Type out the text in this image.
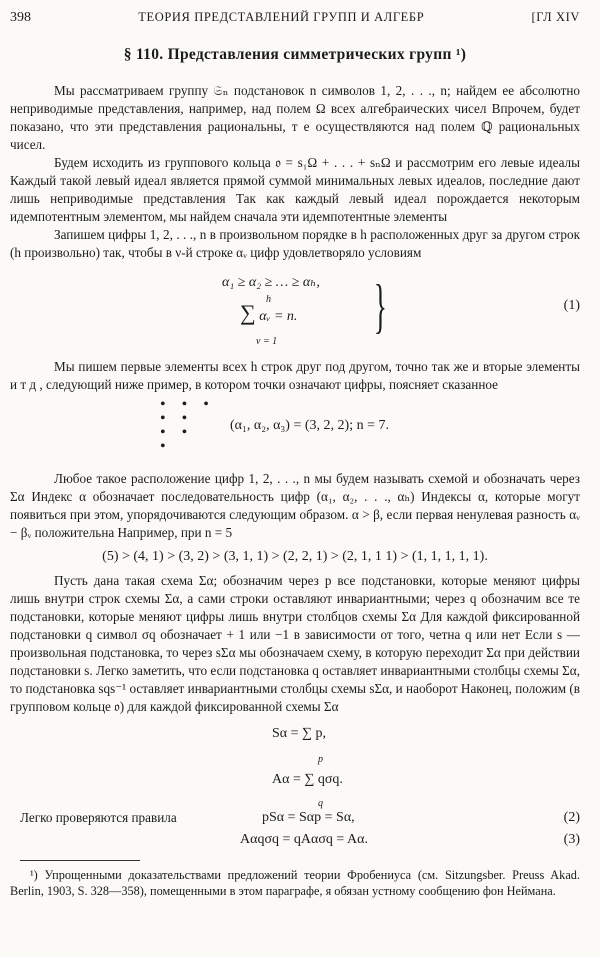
398	ТЕОРИЯ ПРЕДСТАВЛЕНИЙ ГРУПП И АЛГЕБР	[ГЛ XIV
§ 110. Представления симметрических групп ¹)

Мы рассматриваем группу 𝔖ₙ подстановок n символов 1, 2, . . ., n; найдем ее абсолютно неприводимые представления, например, над полем Ω всех алгебраических чисел Впрочем, будет показано, что эти представления рациональны, т е осуществляются над полем ℚ рациональных чисел.

Будем исходить из группового кольца 𝔬 = s₁Ω + . . . + sₙΩ и рассмотрим его левые идеалы Каждый такой левый идеал является прямой суммой минимальных левых идеалов, последние дают лишь неприводимые представления Так как каждый левый идеал порождается некоторым идемпотентным элементом, мы найдем сначала эти идемпотентные элементы

Запишем цифры 1, 2, . . ., n в произвольном порядке в h расположенных друг за другом строк (h произвольно) так, чтобы в ν-й строке αᵥ цифр удовлетворяло условиям

α₁ ≥ α₂ ≥ … ≥ αₕ,
h
∑ αᵥ = n.
ν = 1
}	(1)

Мы пишем первые элементы всех h строк друг под другом, точно так же и вторые элементы и т д , следующий ниже пример, в котором точки означают цифры, поясняет сказанное

• • •
• •
• •
•
(α₁, α₂, α₃) = (3, 2, 2); n = 7.

Любое такое расположение цифр 1, 2, . . ., n мы будем называть схемой и обозначать через Σα Индекс α обозначает последовательность цифр (α₁, α₂, . . ., αₕ) Индексы α, которые могут появиться при этом, упорядочиваются следующим образом. α > β, если первая ненулевая разность αᵥ − βᵥ положительна Например, при n = 5

(5) > (4, 1) > (3, 2) > (3, 1, 1) > (2, 2, 1) > (2, 1, 1 1) > (1, 1, 1, 1, 1).

Пусть дана такая схема Σα; обозначим через p все подстановки, которые меняют цифры лишь внутри строк схемы Σα, а сами строки оставляют инвариантными; через q обозначим все те подстановки, которые меняют цифры лишь внутри столбцов схемы Σα Для каждой фиксированной подстановки q символ σq обозначает + 1 или −1 в зависимости от того, четна q или нет Если s — произвольная подстановка, то через sΣα мы обозначаем схему, в которую переходит Σα при действии подстановки s. Легко заметить, что если подстановка q оставляет инвариантными столбцы схемы Σα, то подстановка sqs⁻¹ оставляет инвариантными столбцы схемы sΣα, и наоборот Наконец, положим (в групповом кольце 𝔬) для каждой фиксированной схемы Σα

Sα = ∑ p,
p
Aα = ∑ qσq.
q
Легко проверяются правила	pSα = Sαp = Sα,	(2)
Aαqσq = qAασq = Aα.	(3)

¹) Упрощенными доказательствами предложений теории Фробениуса (см. Sitzungsber. Preuss Akad. Berlin, 1903, S. 328—358), помещенными в этом параграфе, я обязан устному сообщению фон Неймана.
